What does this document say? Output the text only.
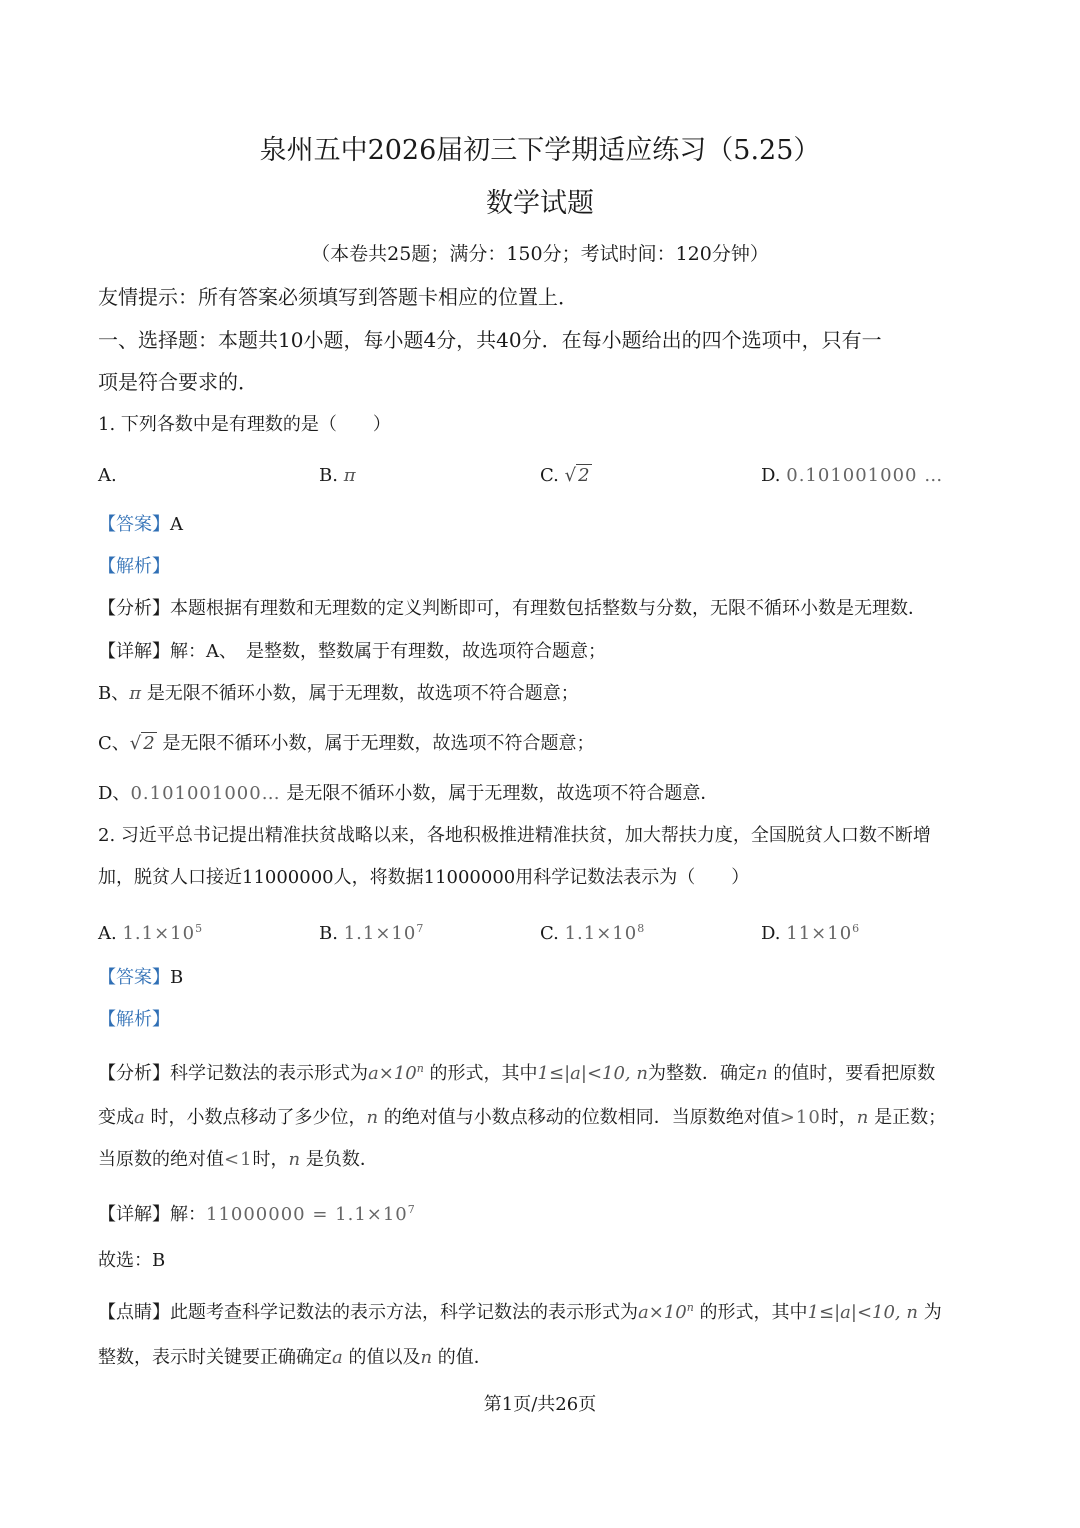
泉州五中2026届初三下学期适应练习（5.25）
数学试题
（本卷共25题；满分：150分；考试时间：120分钟）
友情提示：所有答案必须填写到答题卡相应的位置上．
一、选择题：本题共10小题，每小题4分，共40分．在每小题给出的四个选项中，只有一
项是符合要求的．
1. 下列各数中是有理数的是（　　）
A.	B. π	C. √ 2	D. 0.101001000 …
【答案】A
【解析】
【分析】本题根据有理数和无理数的定义判断即可，有理数包括整数与分数，无限不循环小数是无理数．
【详解】解：A、　是整数，整数属于有理数，故选项符合题意；
B、π 是无限不循环小数，属于无理数，故选项不符合题意；
C、√ 2 是无限不循环小数，属于无理数，故选项不符合题意；
D、0.101001000… 是无限不循环小数，属于无理数，故选项不符合题意．
2. 习近平总书记提出精准扶贫战略以来，各地积极推进精准扶贫，加大帮扶力度，全国脱贫人口数不断增
加，脱贫人口接近11000000人，将数据11000000用科学记数法表示为（　　）
A. $1.1\times 10^5$	B. $1.1\times 10^7$	C. $1.1\times 10^8$	D. $11\times 10^6$
【答案】B
【解析】
【分析】科学记数法的表示形式为$a\times 10^n$ 的形式，其中1≤|a|<10, n为整数．确定n 的值时，要看把原数
变成a 时，小数点移动了多少位，n 的绝对值与小数点移动的位数相同．当原数绝对值>10时，n 是正数；
当原数的绝对值<1时，n 是负数．
【详解】解：$11000000 = 1.1\times 10^7$
故选：B
【点睛】此题考查科学记数法的表示方法，科学记数法的表示形式为$a\times 10^n$ 的形式，其中1≤|a|<10, n 为
整数，表示时关键要正确确定a 的值以及n 的值．
第1页/共26页
